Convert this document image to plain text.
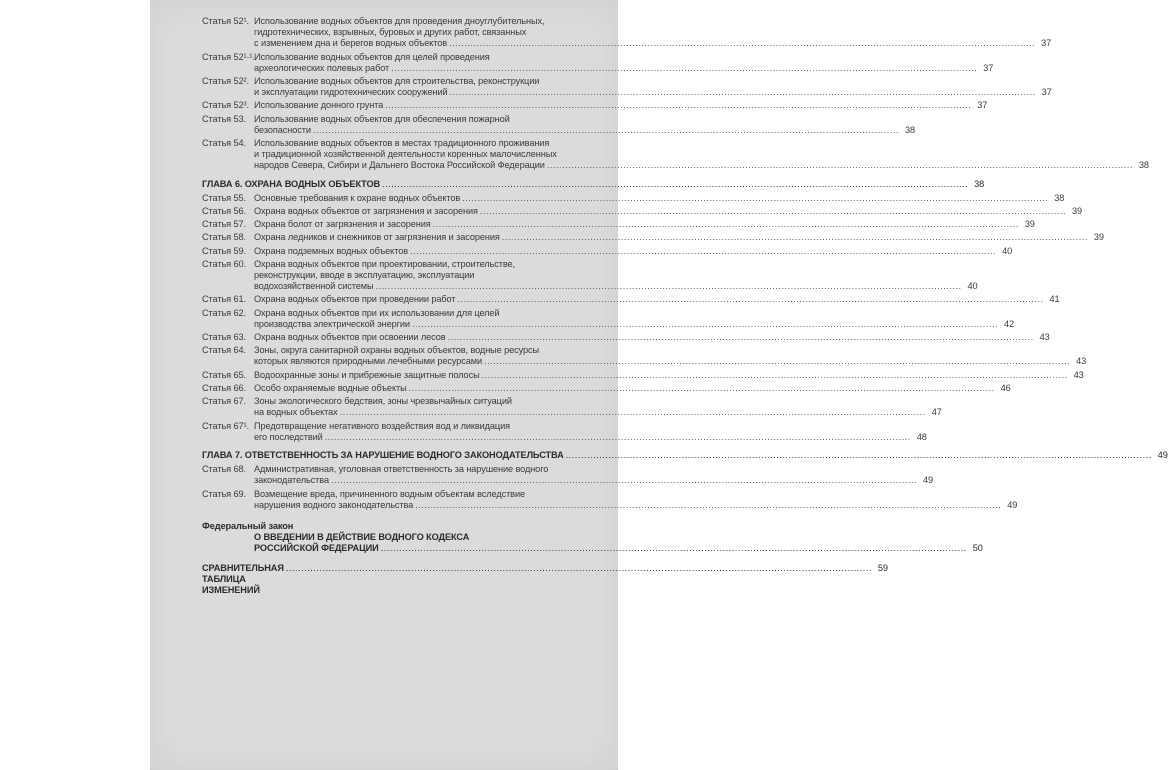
Статья 52¹. Использование водных объектов для проведения дноуглубительных,
гидротехнических, взрывных, буровых и других работ, связанных
с изменением дна и берегов водных объектов ................................................................................................................................................................................................ 37
Статья 52¹·¹. Использование водных объектов для целей проведения
археологических полевых работ ................................................................................................................................................................................................ 37
Статья 52². Использование водных объектов для строительства, реконструкции
и эксплуатации гидротехнических сооружений ................................................................................................................................................................................................ 37
Статья 52³. Использование донного грунта ................................................................................................................................................................................................ 37
Статья 53. Использование водных объектов для обеспечения пожарной
безопасности ................................................................................................................................................................................................ 38
Статья 54. Использование водных объектов в местах традиционного проживания
и традиционной хозяйственной деятельности коренных малочисленных
народов Севера, Сибири и Дальнего Востока Российской Федерации ................................................................................................................................................................................................ 38
ГЛАВА 6. ОХРАНА ВОДНЫХ ОБЪЕКТОВ ................................................................................................................................................................................................ 38
Статья 55. Основные требования к охране водных объектов ................................................................................................................................................................................................ 38
Статья 56. Охрана водных объектов от загрязнения и засорения ................................................................................................................................................................................................ 39
Статья 57. Охрана болот от загрязнения и засорения ................................................................................................................................................................................................ 39
Статья 58. Охрана ледников и снежников от загрязнения и засорения ................................................................................................................................................................................................ 39
Статья 59. Охрана подземных водных объектов ................................................................................................................................................................................................ 40
Статья 60. Охрана водных объектов при проектировании, строительстве,
реконструкции, вводе в эксплуатацию, эксплуатации
водохозяйственной системы ................................................................................................................................................................................................ 40
Статья 61. Охрана водных объектов при проведении работ ................................................................................................................................................................................................ 41
Статья 62. Охрана водных объектов при их использовании для целей
производства электрической энергии ................................................................................................................................................................................................ 42
Статья 63. Охрана водных объектов при освоении лесов ................................................................................................................................................................................................ 43
Статья 64. Зоны, округа санитарной охраны водных объектов, водные ресурсы
которых являются природными лечебными ресурсами ................................................................................................................................................................................................ 43
Статья 65. Водоохранные зоны и прибрежные защитные полосы ................................................................................................................................................................................................ 43
Статья 66. Особо охраняемые водные объекты ................................................................................................................................................................................................ 46
Статья 67. Зоны экологического бедствия, зоны чрезвычайных ситуаций
на водных объектах ................................................................................................................................................................................................ 47
Статья 67¹. Предотвращение негативного воздействия вод и ликвидация
его последствий ................................................................................................................................................................................................ 48
ГЛАВА 7. ОТВЕТСТВЕННОСТЬ ЗА НАРУШЕНИЕ ВОДНОГО ЗАКОНОДАТЕЛЬСТВА ................................................................................................................................................................................................ 49
Статья 68. Административная, уголовная ответственность за нарушение водного
законодательства ................................................................................................................................................................................................ 49
Статья 69. Возмещение вреда, причиненного водным объектам вследствие
нарушения водного законодательства ................................................................................................................................................................................................ 49
Федеральный закон
О ВВЕДЕНИИ В ДЕЙСТВИЕ ВОДНОГО КОДЕКСА
РОССИЙСКОЙ ФЕДЕРАЦИИ ................................................................................................................................................................................................ 50
СРАВНИТЕЛЬНАЯ ТАБЛИЦА ИЗМЕНЕНИЙ
................................................................................................................................................................................................ 59
